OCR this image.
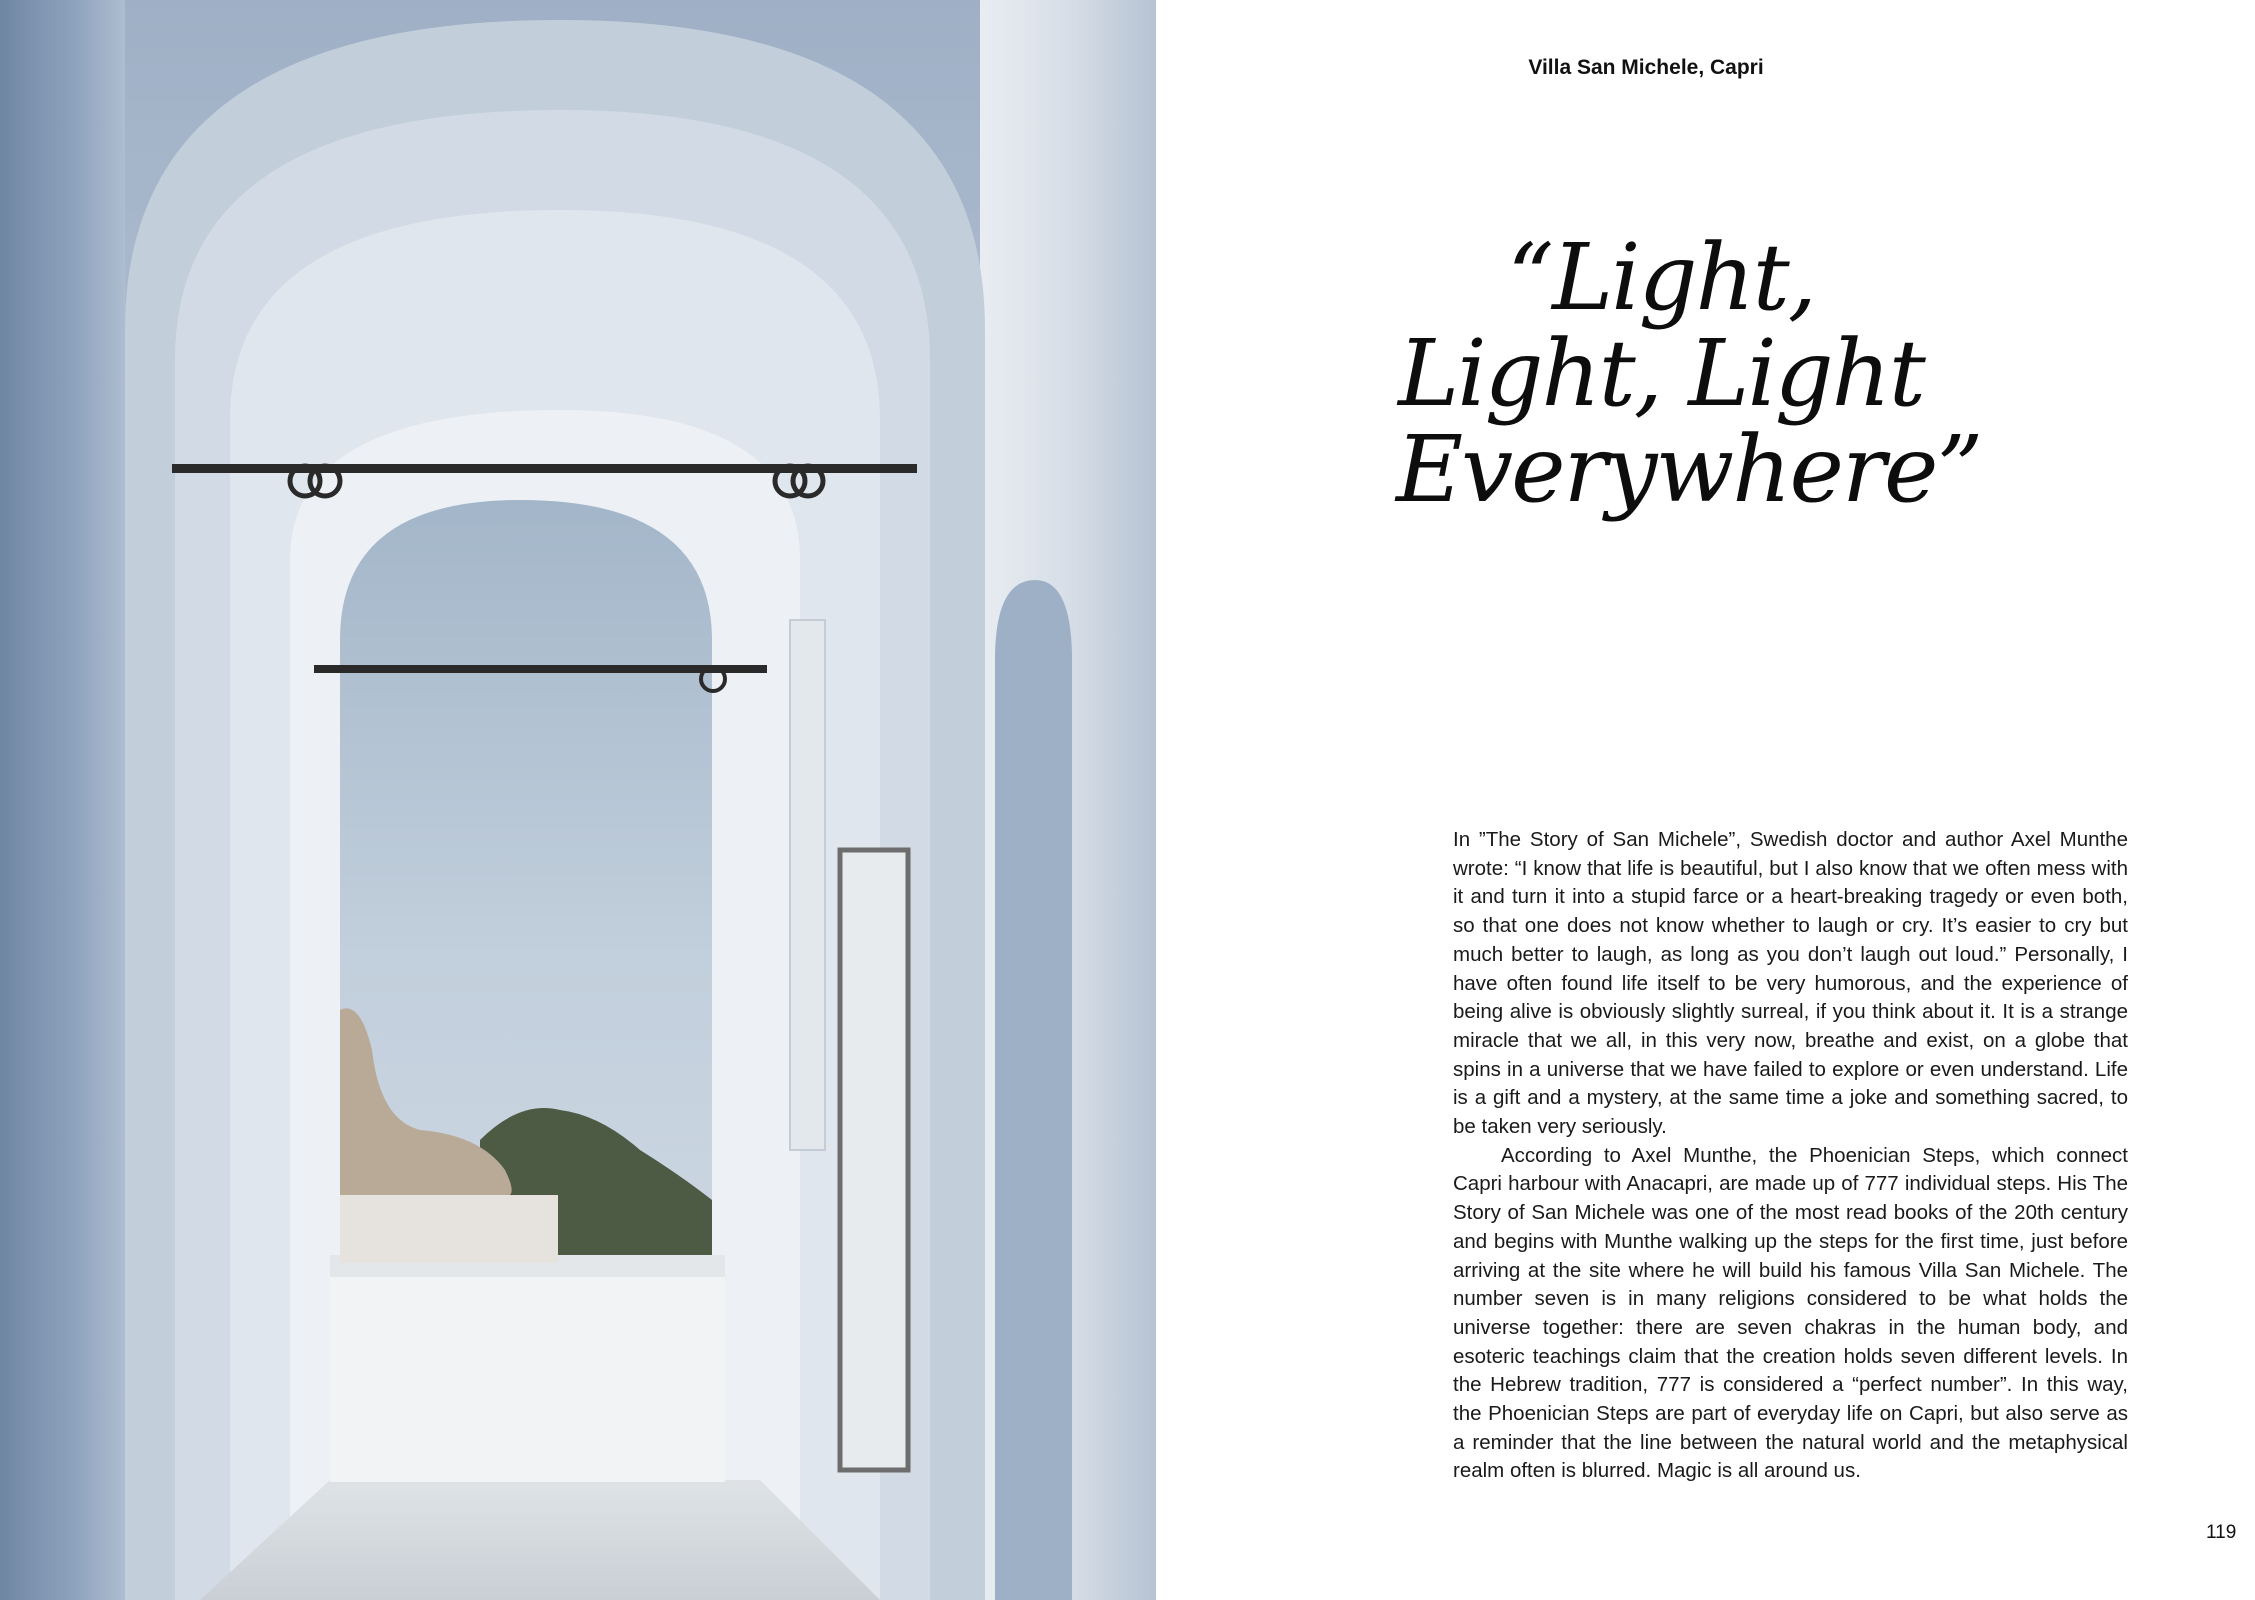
Villa San Michele, Capri
“Light,
Light, Light
Everywhere”

In ”The Story of San Michele”, Swedish doctor and author Axel Munthe wrote: “I know that life is beautiful, but I also know that we often mess with it and turn it into a stupid farce or a heart-breaking tragedy or even both, so that one does not know whether to laugh or cry. It’s easier to cry but much better to laugh, as long as you don’t laugh out loud.” Personally, I have often found life itself to be very humorous, and the experience of being alive is obviously slightly surreal, if you think about it. It is a strange miracle that we all, in this very now, breathe and exist, on a globe that spins in a universe that we have failed to explore or even understand. Life is a gift and a mystery, at the same time a joke and something sacred, to be taken very seriously.

According to Axel Munthe, the Phoenician Steps, which connect Capri harbour with Anacapri, are made up of 777 individual steps. His The Story of San Michele was one of the most read books of the 20th century and begins with Munthe walking up the steps for the first time, just before arriving at the site where he will build his famous Villa San Michele. The number seven is in many religions considered to be what holds the universe together: there are seven chakras in the human body, and esoteric teachings claim that the creation holds seven different levels. In the Hebrew tradition, 777 is considered a “perfect number”. In this way, the Phoenician Steps are part of everyday life on Capri, but also serve as a reminder that the line between the natural world and the metaphysical realm often is blurred. Magic is all around us.

119
